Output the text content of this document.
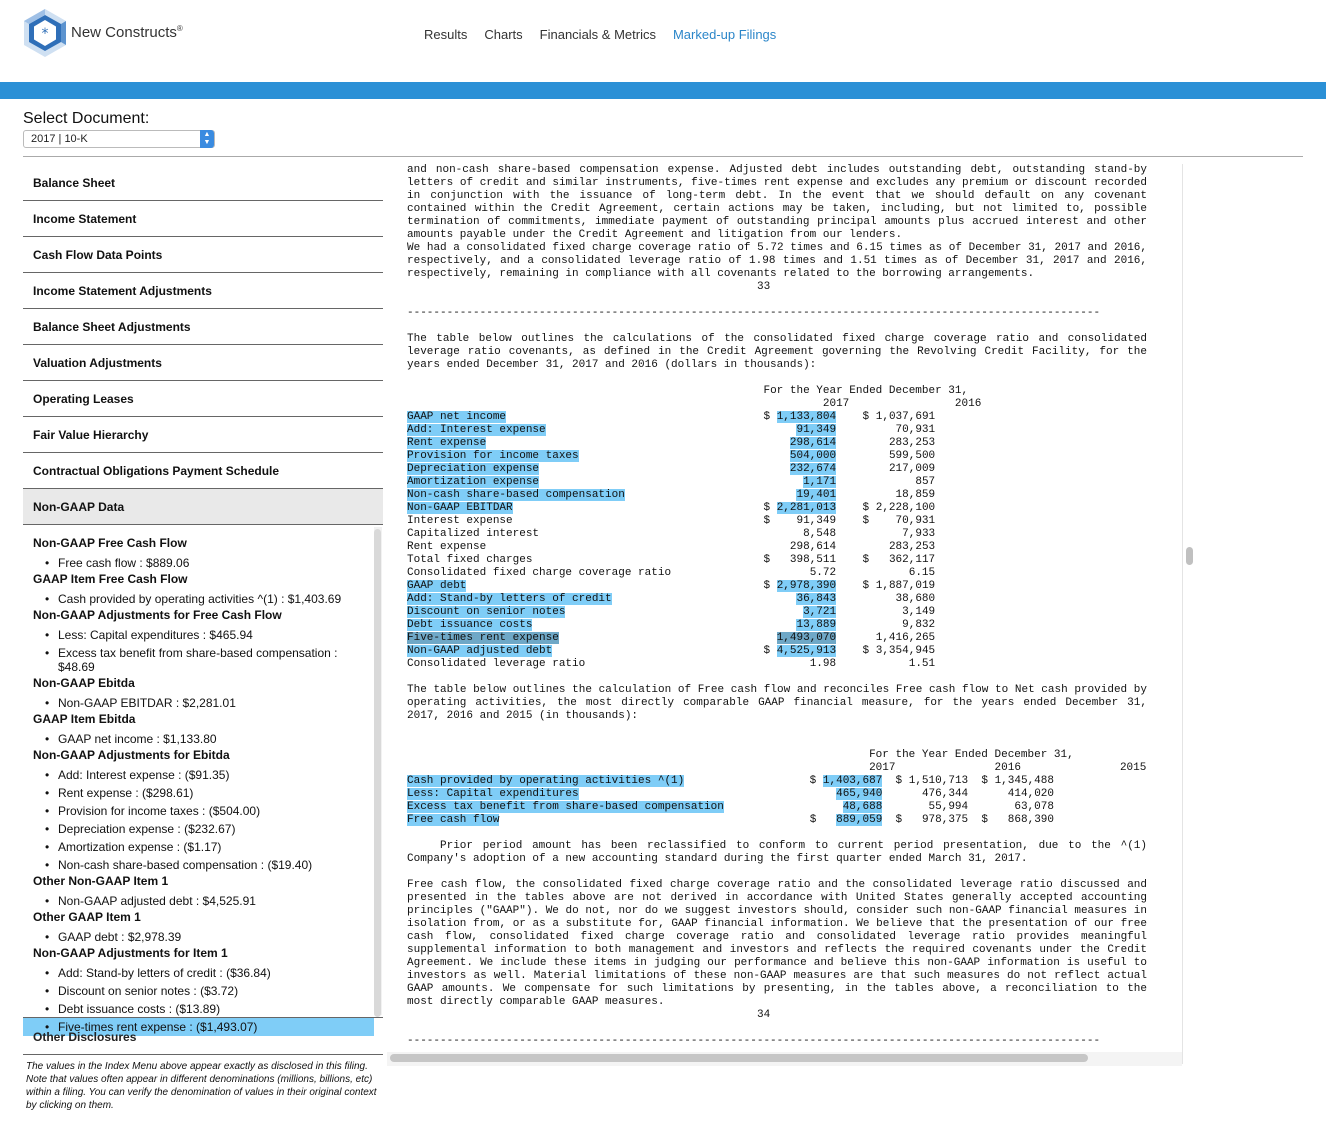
* New Constructs®	Results Charts Financials & Metrics Marked-up Filings
Select Document:
2017 | 10-K	▲
▼
Balance Sheet
Income Statement
Cash Flow Data Points
Income Statement Adjustments
Balance Sheet Adjustments
Valuation Adjustments
Operating Leases
Fair Value Hierarchy
Contractual Obligations Payment Schedule
Non-GAAP Data
Non-GAAP Free Cash Flow
• Free cash flow : $889.06
GAAP Item Free Cash Flow
• Cash provided by operating activities ^(1) : $1,403.69
Non-GAAP Adjustments for Free Cash Flow
• Less: Capital expenditures : $465.94
• Excess tax benefit from share-based compensation : $48.69
Non-GAAP Ebitda
• Non-GAAP EBITDAR : $2,281.01
GAAP Item Ebitda
• GAAP net income : $1,133.80
Non-GAAP Adjustments for Ebitda
• Add: Interest expense : ($91.35)
• Rent expense : ($298.61)
• Provision for income taxes : ($504.00)
• Depreciation expense : ($232.67)
• Amortization expense : ($1.17)
• Non-cash share-based compensation : ($19.40)
Other Non-GAAP Item 1
• Non-GAAP adjusted debt : $4,525.91
Other GAAP Item 1
• GAAP debt : $2,978.39
Non-GAAP Adjustments for Item 1
• Add: Stand-by letters of credit : ($36.84)
• Discount on senior notes : ($3.72)
• Debt issuance costs : ($13.89)
• Five-times rent expense : ($1,493.07)
Other Disclosures
The values in the Index Menu above appear exactly as disclosed in this filing. Note that values often appear in different denominations (millions, billions, etc) within a filing. You can verify the denomination of values in their original context by clicking on them.

and non-cash share-based compensation expense. Adjusted debt includes outstanding debt, outstanding stand-by letters of credit and similar instruments, five-times rent expense and excludes any premium or discount recorded in conjunction with the issuance of long-term debt. In the event that we should default on any covenant contained within the Credit Agreement, certain actions may be taken, including, but not limited to, possible termination of commitments, immediate payment of outstanding principal amounts plus accrued interest and other amounts payable under the Credit Agreement and litigation from our lenders.

We had a consolidated fixed charge coverage ratio of 5.72 times and 6.15 times as of December 31, 2017 and 2016, respectively, and a consolidated leverage ratio of 1.98 times and 1.51 times as of December 31, 2017 and 2016, respectively, remaining in compliance with all covenants related to the borrowing arrangements.

33
---------------------------------------------------------------------------------------------------------

The table below outlines the calculations of the consolidated fixed charge coverage ratio and consolidated leverage ratio covenants, as defined in the Credit Agreement governing the Revolving Credit Facility, for the years ended December 31, 2017 and 2016 (dollars in thousands):

For the Year Ended December 31,
2017	2016
GAAP net income	$ 1,133,804    $ 1,037,691
Add: Interest expense	91,349	70,931
Rent expense	298,614	283,253
Provision for income taxes	504,000	599,500
Depreciation expense	232,674	217,009
Amortization expense	1,171	857
Non-cash share-based compensation	19,401	18,859
Non-GAAP EBITDAR	$ 2,281,013    $ 2,228,100
Interest expense	$ 91,349    $ 70,931
Capitalized interest	8,548	7,933
Rent expense	298,614	283,253
Total fixed charges	$ 398,511    $ 362,117
Consolidated fixed charge coverage ratio	5.72	6.15
GAAP debt	$ 2,978,390    $ 1,887,019
Add: Stand-by letters of credit	36,843	38,680
Discount on senior notes	3,721	3,149
Debt issuance costs	13,889	9,832
Five-times rent expense	1,493,070	1,416,265
Non-GAAP adjusted debt	$ 4,525,913    $ 3,354,945
Consolidated leverage ratio	1.98	1.51

The table below outlines the calculation of Free cash flow and reconciles Free cash flow to Net cash provided by operating activities, the most directly comparable GAAP financial measure, for the years ended December 31, 2017, 2016 and 2015 (in thousands):

For the Year Ended December 31,
2017	2016	2015
Cash provided by operating activities ^(1)	$ 1,403,687  $ 1,510,713  $ 1,345,488
Less: Capital expenditures	465,940	476,344	414,020
Excess tax benefit from share-based compensation	48,688	55,994	63,078
Free cash flow	$ 889,059  $ 978,375  $ 868,390

Prior period amount has been reclassified to conform to current period presentation, due to the ^(1) Company's adoption of a new accounting standard during the first quarter ended March 31, 2017.

Free cash flow, the consolidated fixed charge coverage ratio and the consolidated leverage ratio discussed and presented in the tables above are not derived in accordance with United States generally accepted accounting principles ("GAAP"). We do not, nor do we suggest investors should, consider such non-GAAP financial measures in isolation from, or as a substitute for, GAAP financial information. We believe that the presentation of our free cash flow, consolidated fixed charge coverage ratio and consolidated leverage ratio provides meaningful supplemental information to both management and investors and reflects the required covenants under the Credit Agreement. We include these items in judging our performance and believe this non-GAAP information is useful to investors as well. Material limitations of these non-GAAP measures are that such measures do not reflect actual GAAP amounts. We compensate for such limitations by presenting, in the tables above, a reconciliation to the most directly comparable GAAP measures.

34
---------------------------------------------------------------------------------------------------------
